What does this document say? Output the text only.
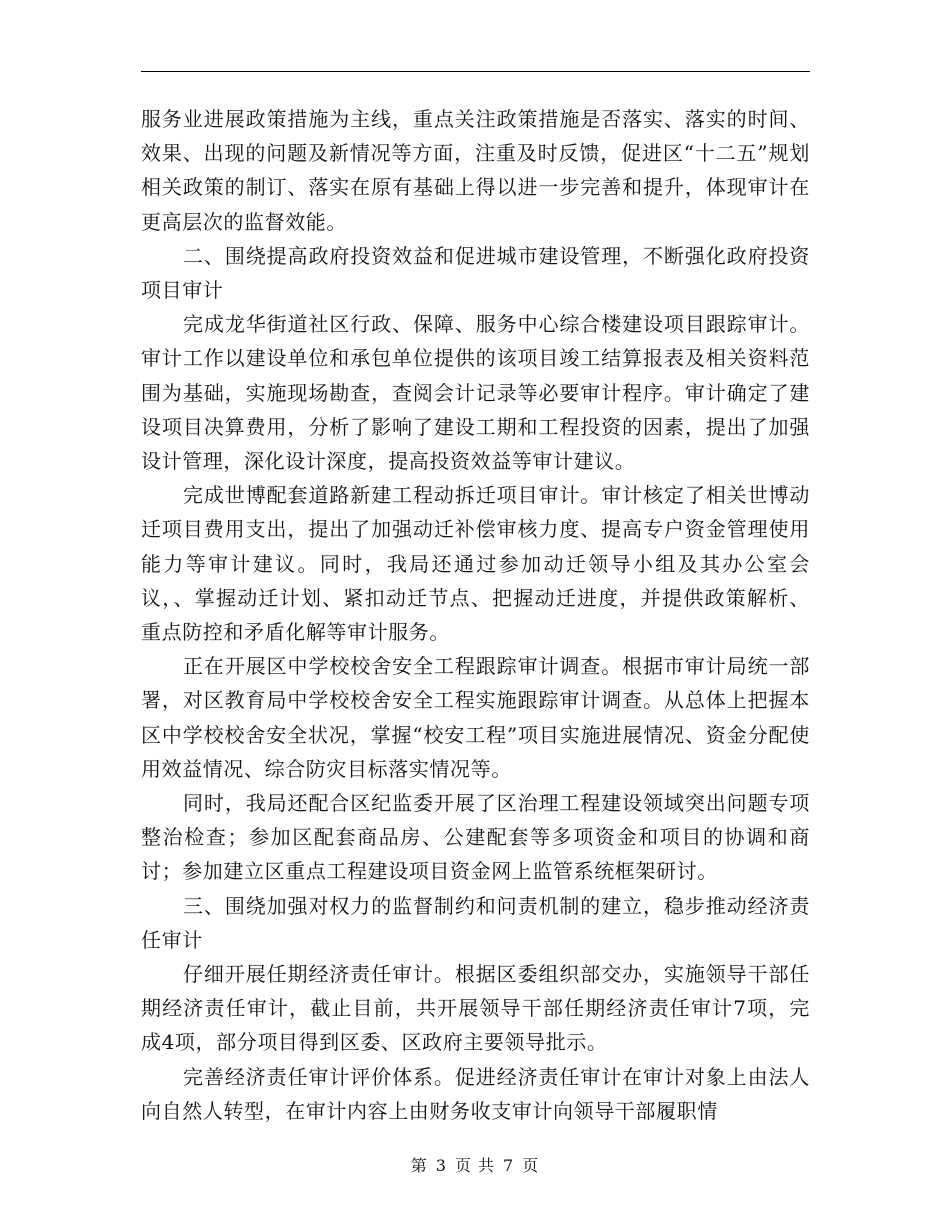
服务业进展政策措施为主线，重点关注政策措施是否落实、落实的时间、效果、出现的问题及新情况等方面，注重及时反馈，促进区“十二五”规划相关政策的制订、落实在原有基础上得以进一步完善和提升，体现审计在更高层次的监督效能。

二、围绕提高政府投资效益和促进城市建设管理，不断强化政府投资项目审计

完成龙华街道社区行政、保障、服务中心综合楼建设项目跟踪审计。审计工作以建设单位和承包单位提供的该项目竣工结算报表及相关资料范围为基础，实施现场勘查，查阅会计记录等必要审计程序。审计确定了建设项目决算费用，分析了影响了建设工期和工程投资的因素，提出了加强设计管理，深化设计深度，提高投资效益等审计建议。

完成世博配套道路新建工程动拆迁项目审计。审计核定了相关世博动迁项目费用支出，提出了加强动迁补偿审核力度、提高专户资金管理使用能力等审计建议。同时，我局还通过参加动迁领导小组及其办公室会议，、掌握动迁计划、紧扣动迁节点、把握动迁进度，并提供政策解析、重点防控和矛盾化解等审计服务。

正在开展区中学校校舍安全工程跟踪审计调查。根据市审计局统一部署，对区教育局中学校校舍安全工程实施跟踪审计调查。从总体上把握本区中学校校舍安全状况，掌握“校安工程”项目实施进展情况、资金分配使用效益情况、综合防灾目标落实情况等。

同时，我局还配合区纪监委开展了区治理工程建设领域突出问题专项整治检查；参加区配套商品房、公建配套等多项资金和项目的协调和商讨；参加建立区重点工程建设项目资金网上监管系统框架研讨。

三、围绕加强对权力的监督制约和问责机制的建立，稳步推动经济责任审计

仔细开展任期经济责任审计。根据区委组织部交办，实施领导干部任期经济责任审计，截止目前，共开展领导干部任期经济责任审计7项，完成4项，部分项目得到区委、区政府主要领导批示。

完善经济责任审计评价体系。促进经济责任审计在审计对象上由法人向自然人转型，在审计内容上由财务收支审计向领导干部履职情

第 3 页 共 7 页
